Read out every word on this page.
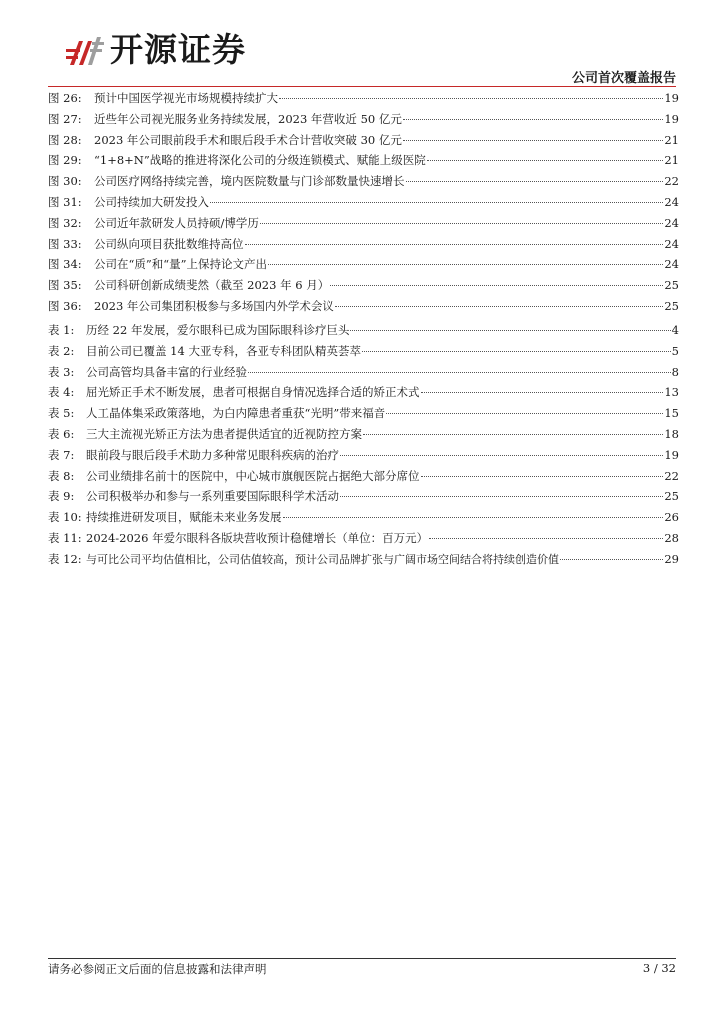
开源证券
公司首次覆盖报告
图 26:	预计中国医学视光市场规模持续扩大	19
图 27:	近些年公司视光服务业务持续发展，2023 年营收近 50 亿元	19
图 28:	2023 年公司眼前段手术和眼后段手术合计营收突破 30 亿元	21
图 29:	“1+8+N”战略的推进将深化公司的分级连锁模式、赋能上级医院	21
图 30:	公司医疗网络持续完善，境内医院数量与门诊部数量快速增长	22
图 31:	公司持续加大研发投入	24
图 32:	公司近年款研发人员持硕/博学历	24
图 33:	公司纵向项目获批数维持高位	24
图 34:	公司在“质”和“量”上保持论文产出	24
图 35:	公司科研创新成绩斐然（截至 2023 年 6 月）	25
图 36:	2023 年公司集团积极参与多场国内外学术会议	25
表 1:	历经 22 年发展，爱尔眼科已成为国际眼科诊疗巨头	4
表 2:	目前公司已覆盖 14 大亚专科，各亚专科团队精英荟萃	5
表 3:	公司高管均具备丰富的行业经验	8
表 4:	屈光矫正手术不断发展，患者可根据自身情况选择合适的矫正术式	13
表 5:	人工晶体集采政策落地，为白内障患者重获“光明”带来福音	15
表 6:	三大主流视光矫正方法为患者提供适宜的近视防控方案	18
表 7:	眼前段与眼后段手术助力多种常见眼科疾病的治疗	19
表 8:	公司业绩排名前十的医院中，中心城市旗舰医院占据绝大部分席位	22
表 9:	公司积极举办和参与一系列重要国际眼科学术活动	25
表 10: 持续推进研发项目，赋能未来业务发展	26
表 11: 2024-2026 年爱尔眼科各版块营收预计稳健增长（单位：百万元）	28
表 12: 与可比公司平均估值相比，公司估值较高，预计公司品牌扩张与广阔市场空间结合将持续创造价值	29
请务必参阅正文后面的信息披露和法律声明	3 / 32
